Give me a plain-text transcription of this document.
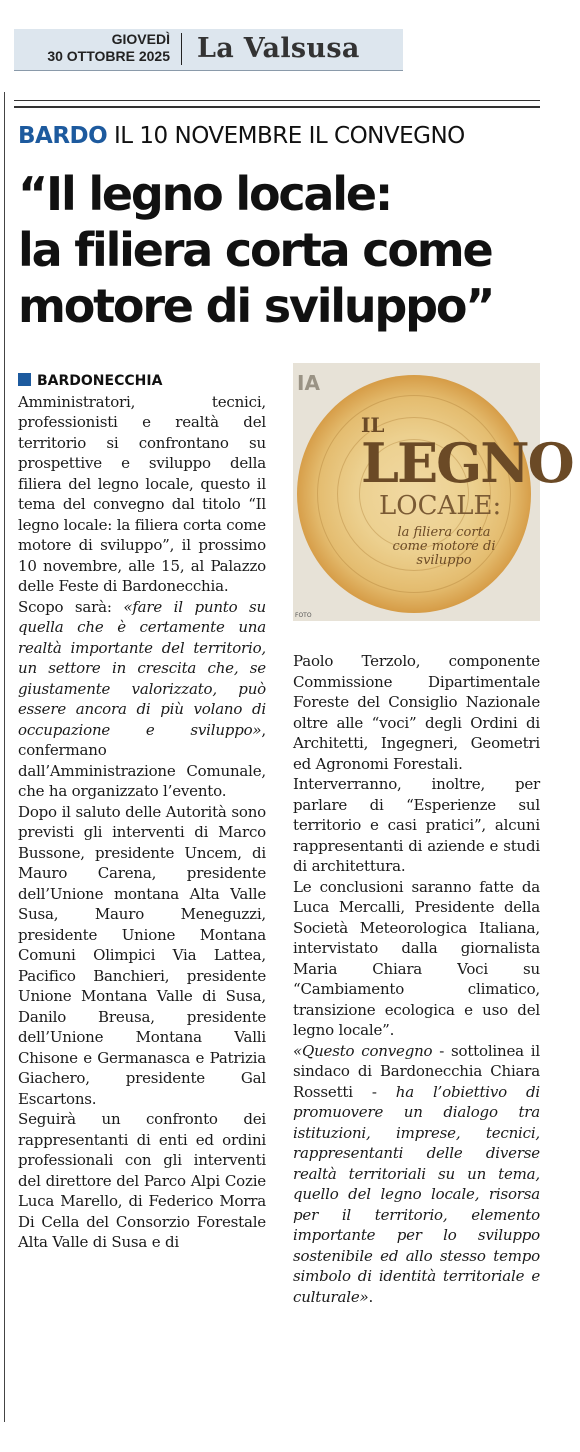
GIOVEDÌ
30 OTTOBRE 2025 La Valsusa
BARDO IL 10 NOVEMBRE IL CONVEGNO
“Il legno locale:
la filiera corta come
motore di sviluppo”
IA
IL
LEGNO
LOCALE:
la filiera corta come motore di sviluppo
FOTO

BARDONECCHIA Amministratori, tecnici, professionisti e realtà del territorio si confrontano su prospettive e sviluppo della filiera del legno locale, questo il tema del convegno dal titolo “Il legno locale: la filiera corta come motore di sviluppo”, il prossimo 10 novembre, alle 15, al Palazzo delle Feste di Bardonecchia.

Scopo sarà: «fare il punto su quella che è certamente una realtà importante del territorio, un settore in crescita che, se giustamente valorizzato, può essere ancora di più volano di occupazione e sviluppo», confermano dall’Amministrazione Comunale, che ha organizzato l’evento.

Dopo il saluto delle Autorità sono previsti gli interventi di Marco Bussone, presidente Uncem, di Mauro Carena, presidente dell’Unione montana Alta Valle Susa, Mauro Meneguzzi, presidente Unione Montana Comuni Olimpici Via Lattea, Pacifico Banchieri, presidente Unione Montana Valle di Susa, Danilo Breusa, presidente dell’Unione Montana Valli Chisone e Germanasca e Patrizia Giachero, presidente Gal Escartons.

Seguirà un confronto dei rappresentanti di enti ed ordini professionali con gli interventi del direttore del Parco Alpi Cozie Luca Marello, di Federico Morra Di Cella del Consorzio Forestale Alta Valle di Susa e di

Paolo Terzolo, componente Commissione Dipartimentale Foreste del Consiglio Nazionale oltre alle “voci” degli Ordini di Architetti, Ingegneri, Geometri ed Agronomi Forestali.

Interverranno, inoltre, per parlare di “Esperienze sul territorio e casi pratici”, alcuni rappresentanti di aziende e studi di architettura.

Le conclusioni saranno fatte da Luca Mercalli, Presidente della Società Meteorologica Italiana, intervistato dalla giornalista Maria Chiara Voci su “Cambiamento climatico, transizione ecologica e uso del legno locale”.

«Questo convegno - sottolinea il sindaco di Bardonecchia Chiara Rossetti - ha l’obiettivo di promuovere un dialogo tra istituzioni, imprese, tecnici, rappresentanti delle diverse realtà territoriali su un tema, quello del legno locale, risorsa per il territorio, elemento importante per lo sviluppo sostenibile ed allo stesso tempo simbolo di identità territoriale e culturale».
